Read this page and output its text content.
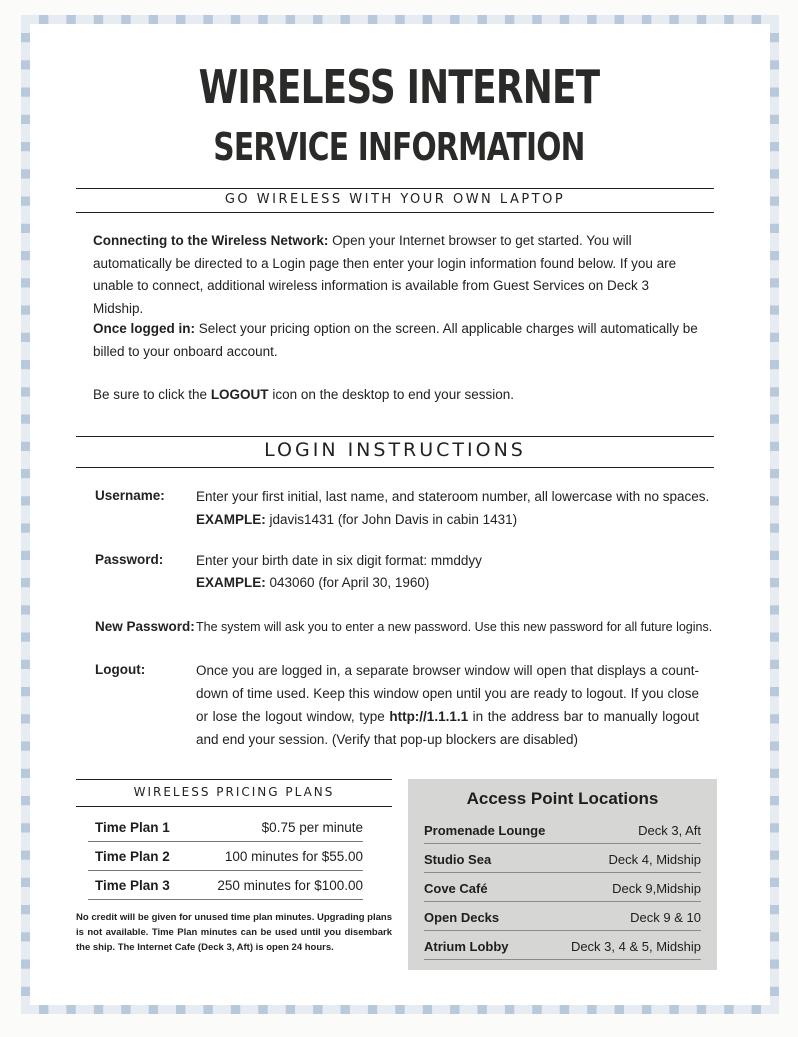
WIRELESS INTERNET
SERVICE INFORMATION
GO WIRELESS WITH YOUR OWN LAPTOP
Connecting to the Wireless Network: Open your Internet browser to get started. You will automatically be directed to a Login page then enter your login information found below. If you are unable to connect, additional wireless information is available from Guest Services on Deck 3 Midship.
Once logged in: Select your pricing option on the screen. All applicable charges will automatically be billed to your onboard account.
Be sure to click the LOGOUT icon on the desktop to end your session.
LOGIN INSTRUCTIONS
Username: Enter your first initial, last name, and stateroom number, all lowercase with no spaces.
EXAMPLE: jdavis1431 (for John Davis in cabin 1431)
Password: Enter your birth date in six digit format: mmddyy
EXAMPLE: 043060 (for April 30, 1960)
New Password: The system will ask you to enter a new password. Use this new password for all future logins.
Logout:	Once you are logged in, a separate browser window will open that displays a count-down of time used. Keep this window open until you are ready to logout. If you close or lose the logout window, type http://1.1.1.1 in the address bar to manually logout and end your session. (Verify that pop-up blockers are disabled)
WIRELESS PRICING PLANS
Time Plan 1	$0.75 per minute
Time Plan 2	100 minutes for $55.00
Time Plan 3	250 minutes for $100.00
No credit will be given for unused time plan minutes. Upgrading plans is not available. Time Plan minutes can be used until you disembark the ship. The Internet Cafe (Deck 3, Aft) is open 24 hours.
Access Point Locations
Promenade Lounge	Deck 3, Aft
Studio Sea	Deck 4, Midship
Cove Café	Deck 9,Midship
Open Decks	Deck 9 & 10
Atrium Lobby	Deck 3, 4 & 5, Midship
